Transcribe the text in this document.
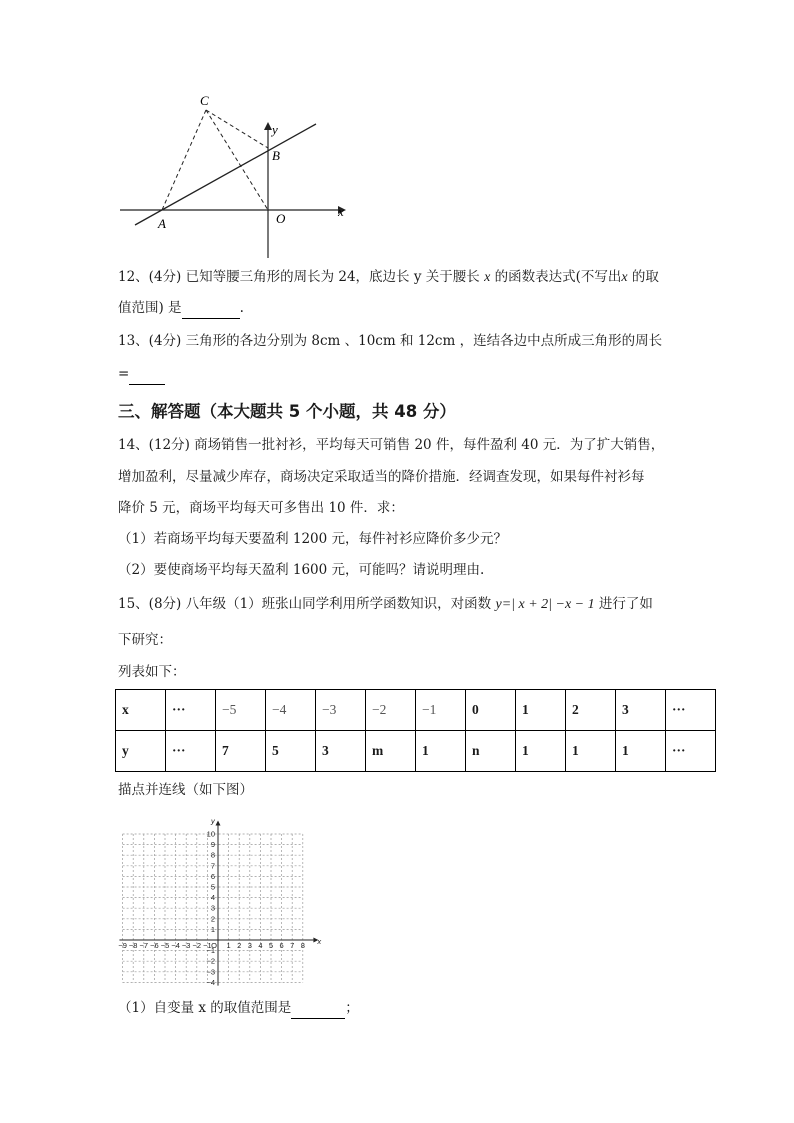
C
B
A	O	x
y
12、(4分) 已知等腰三角形的周长为 24，底边长 y 关于腰长 x 的函数表达式(不写出x 的取
值范围) 是	.
13、(4分) 三角形的各边分别为 8cm 、10cm 和 12cm ，连结各边中点所成三角形的周长
=
三、解答题（本大题共 5 个小题，共 48 分）
14、(12分) 商场销售一批衬衫，平均每天可销售 20 件，每件盈利 40 元．为了扩大销售，
增加盈利，尽量减少库存，商场决定采取适当的降价措施．经调查发现，如果每件衬衫每
降价 5 元，商场平均每天可多售出 10 件．求：
（1）若商场平均每天要盈利 1200 元，每件衬衫应降价多少元？
（2）要使商场平均每天盈利 1600 元，可能吗？请说明理由.
15、(8分) 八年级（1）班张山同学利用所学函数知识，对函数 y=| x + 2| −x − 1 进行了如
下研究：
列表如下：
x	···	−5	−4	−3	−2	−1	0	1	2	3	···
y	···	7	5	3	m	1	n	1	1	1	···
描点并连线（如下图）
x
y
−9 −8 −7 −6 −5 −4 −3 −2 −1 1 2 3 4 5 6 7 8
O
10
9
8
7
6
5
4
3
2
1
−1
−2
−3
−4
（1）自变量 x 的取值范围是	；
